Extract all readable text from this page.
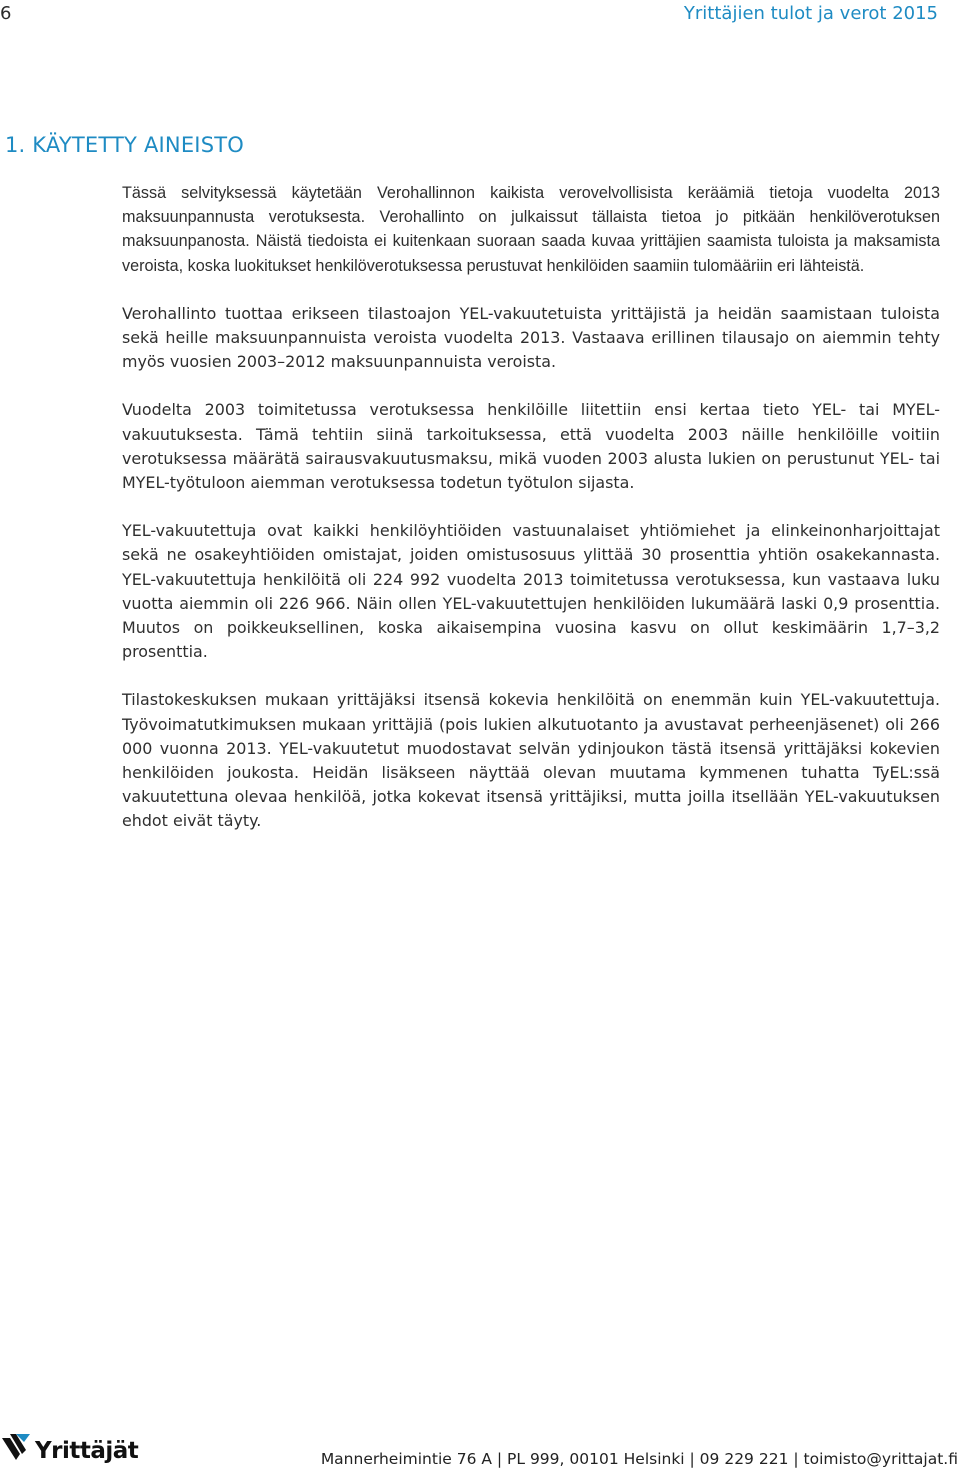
6	Yrittäjien tulot ja verot 2015
1. KÄYTETTY AINEISTO

Tässä selvityksessä käytetään Verohallinnon kaikista verovelvollisista keräämiä tietoja vuodelta 2013 maksuunpannusta verotuksesta. Verohallinto on julkaissut tällaista tietoa jo pitkään henkilöverotuksen maksuunpanosta. Näistä tiedoista ei kuitenkaan suoraan saada kuvaa yrittäjien saamista tuloista ja maksamista veroista, koska luokitukset henkilöverotuksessa perustuvat henkilöiden saamiin tulomääriin eri lähteistä.

Verohallinto tuottaa erikseen tilastoajon YEL-vakuutetuista yrittäjistä ja heidän saamistaan tuloista sekä heille maksuunpannuista veroista vuodelta 2013. Vastaava erillinen tilausajo on aiemmin tehty myös vuosien 2003–2012 maksuunpannuista veroista.

Vuodelta 2003 toimitetussa verotuksessa henkilöille liitettiin ensi kertaa tieto YEL- tai MYEL-vakuutuksesta. Tämä tehtiin siinä tarkoituksessa, että vuodelta 2003 näille henkilöille voitiin verotuksessa määrätä sairausvakuutusmaksu, mikä vuoden 2003 alusta lukien on perustunut YEL- tai MYEL-työtuloon aiemman verotuksessa todetun työtulon sijasta.

YEL-vakuutettuja ovat kaikki henkilöyhtiöiden vastuunalaiset yhtiömiehet ja elinkeinonharjoittajat sekä ne osakeyhtiöiden omistajat, joiden omistusosuus ylittää 30 prosenttia yhtiön osakekannasta. YEL-vakuutettuja henkilöitä oli 224 992 vuodelta 2013 toimitetussa verotuksessa, kun vastaava luku vuotta aiemmin oli 226 966. Näin ollen YEL-vakuutettujen henkilöiden lukumäärä laski 0,9 prosenttia. Muutos on poikkeuksellinen, koska aikaisempina vuosina kasvu on ollut keskimäärin 1,7–3,2 prosenttia.

Tilastokeskuksen mukaan yrittäjäksi itsensä kokevia henkilöitä on enemmän kuin YEL-vakuutettuja. Työvoimatutkimuksen mukaan yrittäjiä (pois lukien alkutuotanto ja avustavat perheenjäsenet) oli 266 000 vuonna 2013. YEL-vakuutetut muodostavat selvän ydinjoukon tästä itsensä yrittäjäksi kokevien henkilöiden joukosta. Heidän lisäkseen näyttää olevan muutama kymmenen tuhatta TyEL:ssä vakuutettuna olevaa henkilöä, jotka kokevat itsensä yrittäjiksi, mutta joilla itsellään YEL-vakuutuksen ehdot eivät täyty.

Yrittäjät	Mannerheimintie 76 A | PL 999, 00101 Helsinki | 09 229 221 | toimisto@yrittajat.fi
